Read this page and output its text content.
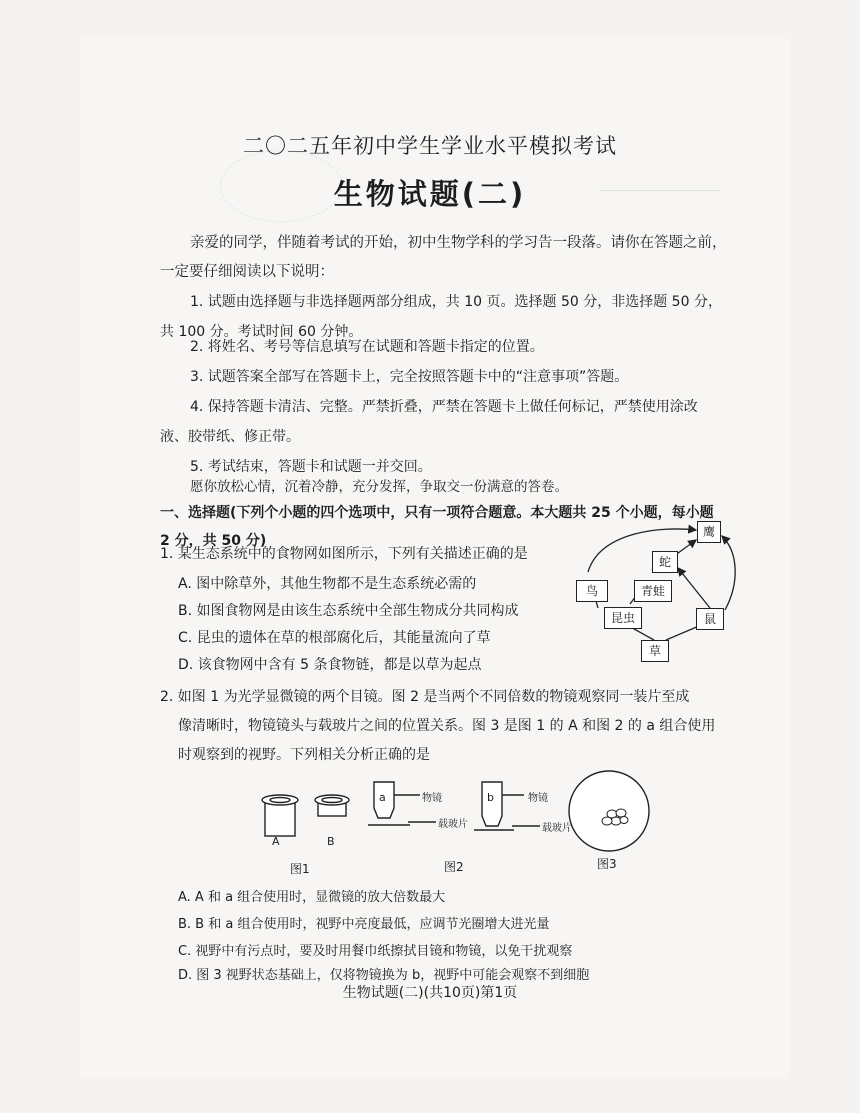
二〇二五年初中学生学业水平模拟考试
生物试题(二)
亲爱的同学，伴随着考试的开始，初中生物学科的学习告一段落。请你在答题之前，
一定要仔细阅读以下说明：
1. 试题由选择题与非选择题两部分组成，共 10 页。选择题 50 分，非选择题 50 分，
共 100 分。考试时间 60 分钟。
2. 将姓名、考号等信息填写在试题和答题卡指定的位置。
3. 试题答案全部写在答题卡上，完全按照答题卡中的“注意事项”答题。
4. 保持答题卡清洁、完整。严禁折叠，严禁在答题卡上做任何标记，严禁使用涂改
液、胶带纸、修正带。
5. 考试结束，答题卡和试题一并交回。
愿你放松心情，沉着冷静，充分发挥，争取交一份满意的答卷。
一、选择题(下列个小题的四个选项中，只有一项符合题意。本大题共 25 个小题，每小题
2 分，共 50 分)
1. 某生态系统中的食物网如图所示，下列有关描述正确的是
A. 图中除草外，其他生物都不是生态系统必需的
B. 如图食物网是由该生态系统中全部生物成分共同构成
C. 昆虫的遗体在草的根部腐化后，其能量流向了草
D. 该食物网中含有 5 条食物链，都是以草为起点
鹰
蛇
鸟	青蛙
昆虫	鼠
草
2. 如图 1 为光学显微镜的两个目镜。图 2 是当两个不同倍数的物镜观察同一装片至成
像清晰时，物镜镜头与载玻片之间的位置关系。图 3 是图 1 的 A 和图 2 的 a 组合使用
时观察到的视野。下列相关分析正确的是
A	B
图1
a	b
物镜	物镜
载玻片	载玻片
图2	图3
A. A 和 a 组合使用时，显微镜的放大倍数最大
B. B 和 a 组合使用时，视野中亮度最低，应调节光圈增大进光量
C. 视野中有污点时，要及时用餐巾纸擦拭目镜和物镜，以免干扰观察
D. 图 3 视野状态基础上，仅将物镜换为 b，视野中可能会观察不到细胞
生物试题(二)(共10页)第1页
